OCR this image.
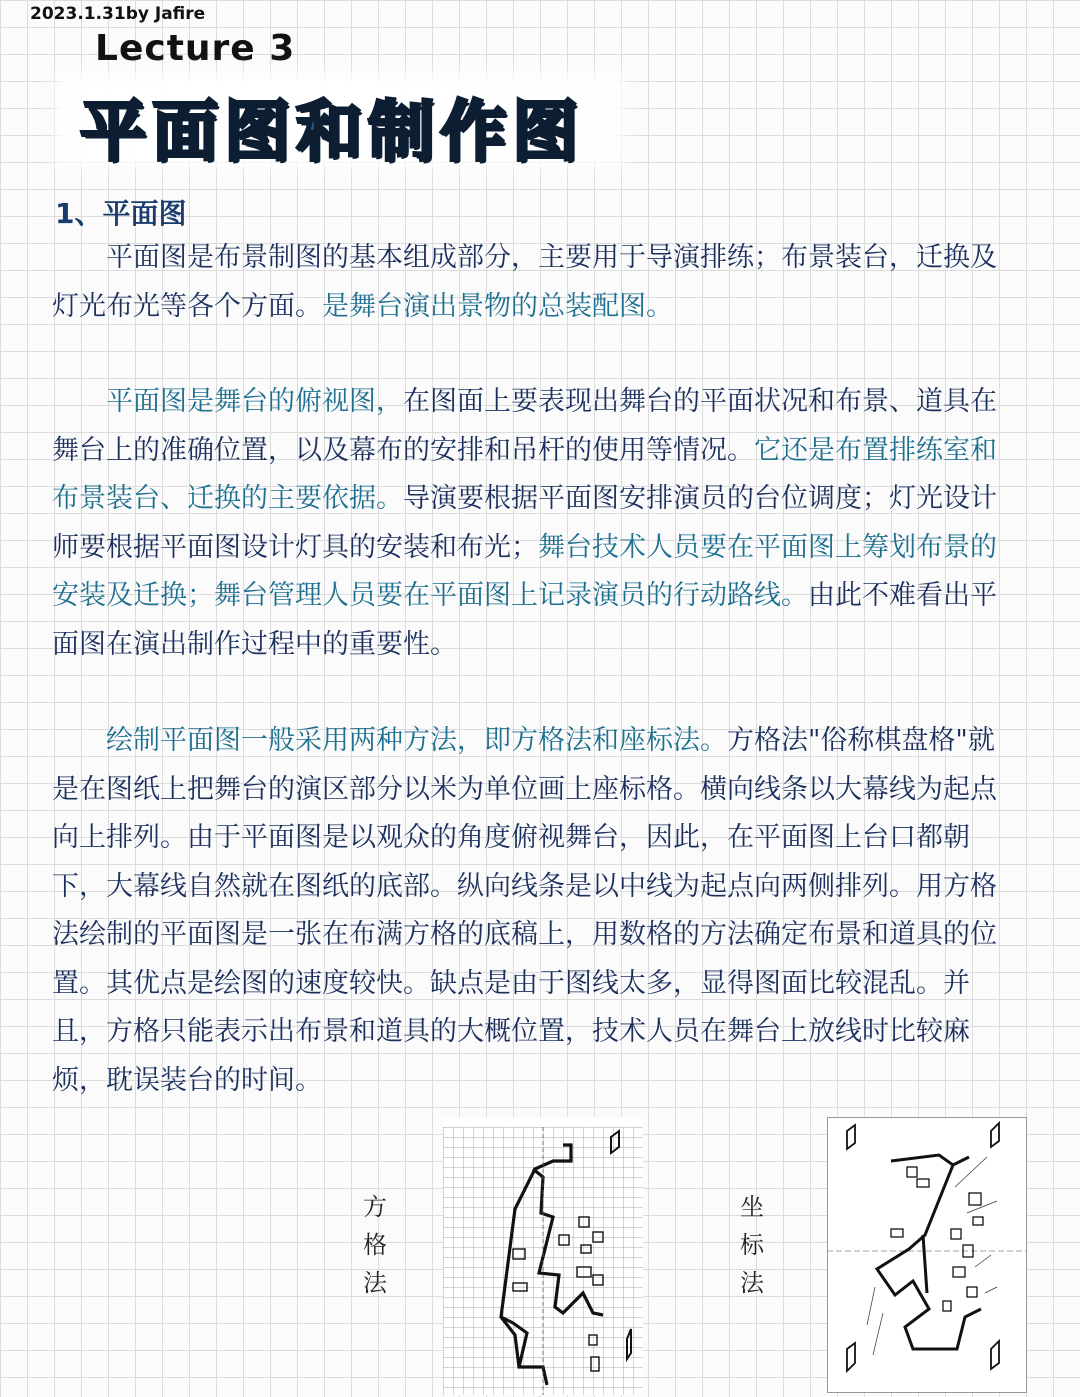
2023.1.31by Jafire
Lecture 3
平面图和制作图
1、平面图

平面图是布景制图的基本组成部分，主要用于导演排练；布景装台，迁换及灯光布光等各个方面。是舞台演出景物的总装配图。

平面图是舞台的俯视图，在图面上要表现出舞台的平面状况和布景、道具在舞台上的准确位置，以及幕布的安排和吊杆的使用等情况。它还是布置排练室和布景装台、迁换的主要依据。导演要根据平面图安排演员的台位调度；灯光设计师要根据平面图设计灯具的安装和布光；舞台技术人员要在平面图上筹划布景的安装及迁换；舞台管理人员要在平面图上记录演员的行动路线。由此不难看出平面图在演出制作过程中的重要性。

绘制平面图一般采用两种方法，即方格法和座标法。方格法"俗称棋盘格"就是在图纸上把舞台的演区部分以米为单位画上座标格。横向线条以大幕线为起点向上排列。由于平面图是以观众的角度俯视舞台，因此，在平面图上台口都朝下，大幕线自然就在图纸的底部。纵向线条是以中线为起点向两侧排列。用方格法绘制的平面图是一张在布满方格的底稿上，用数格的方法确定布景和道具的位置。其优点是绘图的速度较快。缺点是由于图线太多，显得图面比较混乱。并且，方格只能表示出布景和道具的大概位置，技术人员在舞台上放线时比较麻烦，耽误装台的时间。

方
格
法
坐
标
法
